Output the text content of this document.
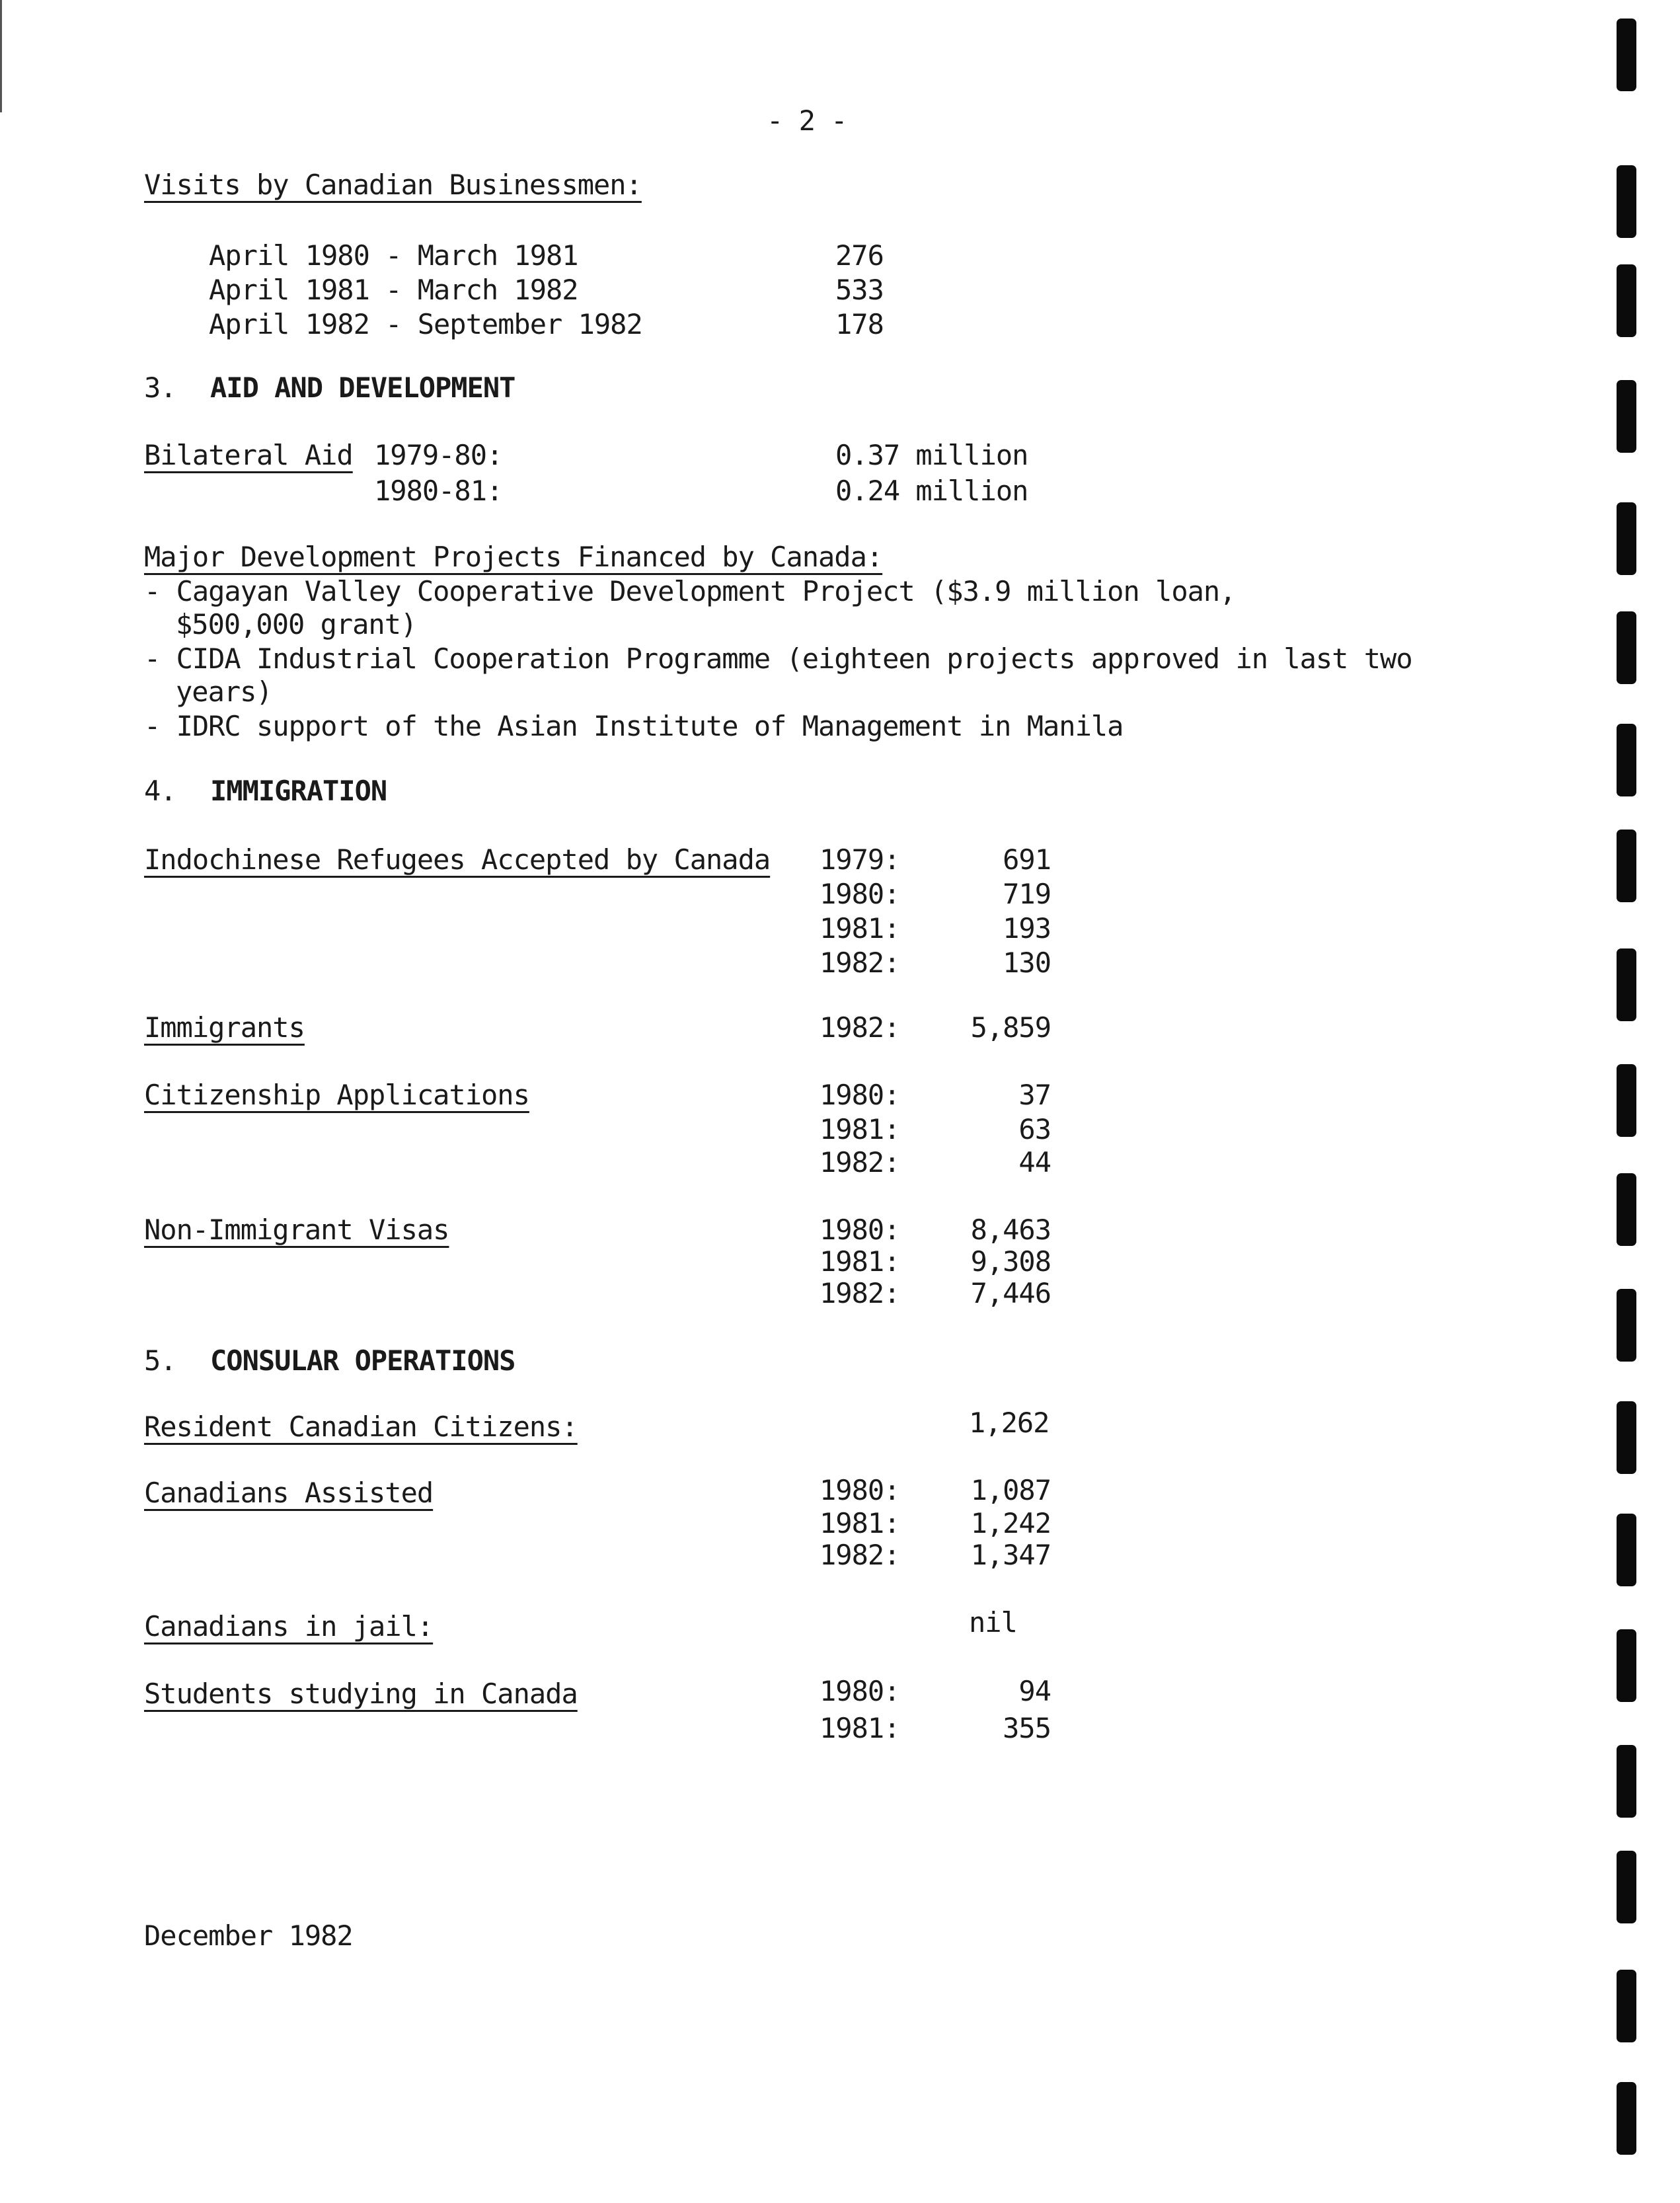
- 2 -
Visits by Canadian Businessmen:
April 1980 - March 1981	276
April 1981 - March 1982	533
April 1982 - September 1982	178
3. AID AND DEVELOPMENT
Bilateral Aid 1979-80:	0.37 million
1980-81:	0.24 million
Major Development Projects Financed by Canada:
- Cagayan Valley Cooperative Development Project ($3.9 million loan,
$500,000 grant)
- CIDA Industrial Cooperation Programme (eighteen projects approved in last two
years)
- IDRC support of the Asian Institute of Management in Manila
4. IMMIGRATION
Indochinese Refugees Accepted by Canada 1979:	691
1980:	719
1981:	193
1982:	130
Immigrants	1982:	5,859
Citizenship Applications	1980:	37
1981:	63
1982:	44
Non-Immigrant Visas	1980:	8,463
1981:	9,308
1982:	7,446
5. CONSULAR OPERATIONS
Resident Canadian Citizens:	1,262
Canadians Assisted	1980:	1,087
1981:	1,242
1982:	1,347
Canadians in jail:	nil
Students studying in Canada	1980:	94
1981:	355
December 1982
